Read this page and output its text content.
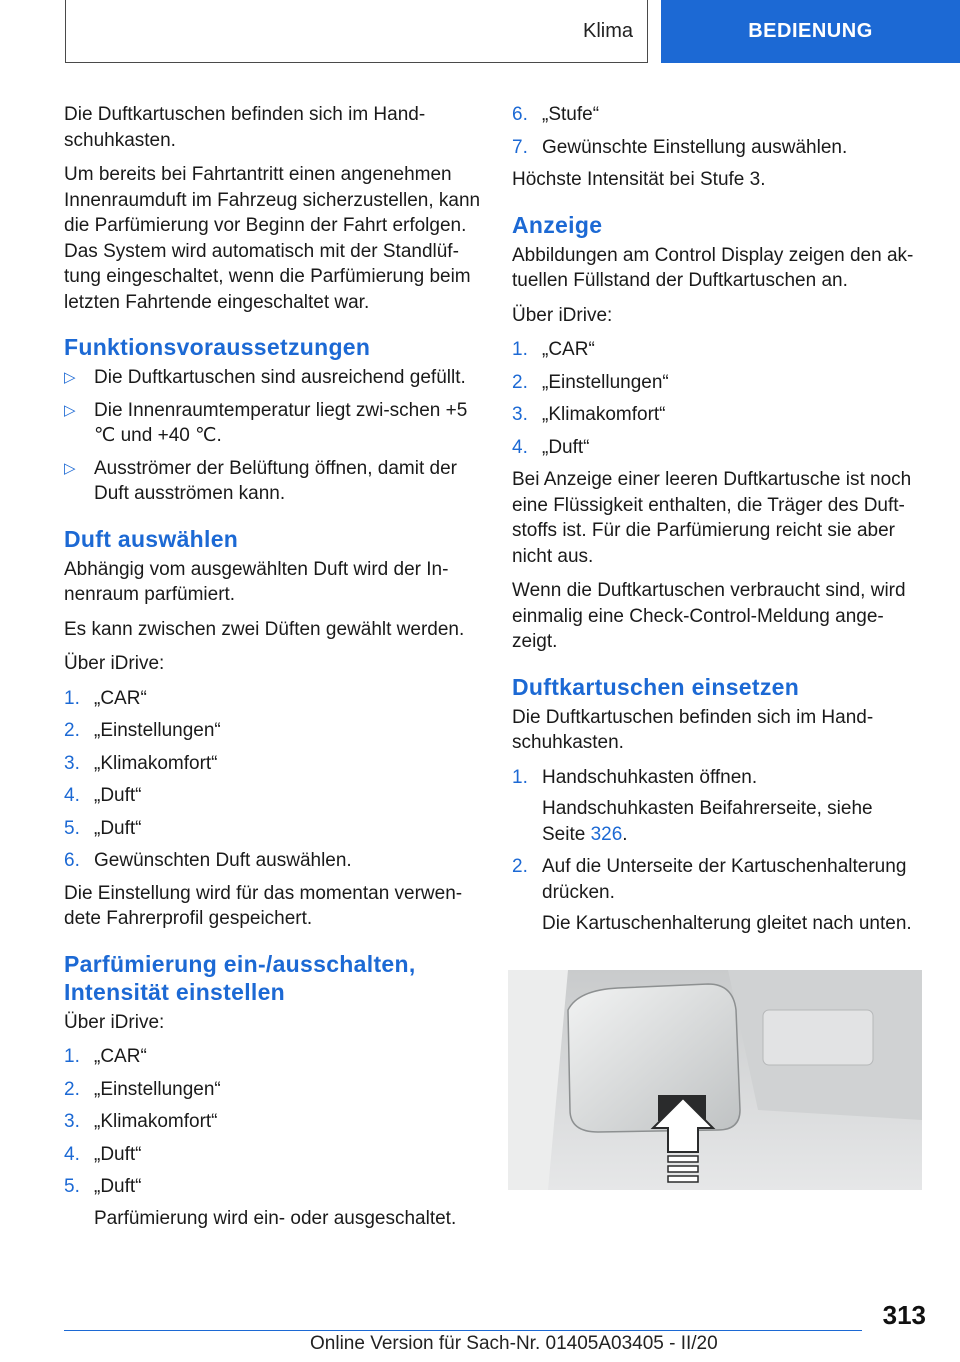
Klima	BEDIENUNG

Die Duftkartuschen befinden sich im Hand-schuhkasten.

Um bereits bei Fahrtantritt einen angenehmen Innenraumduft im Fahrzeug sicherzustellen, kann die Parfümierung vor Beginn der Fahrt erfolgen. Das System wird automatisch mit der Standlüf-tung eingeschaltet, wenn die Parfümierung beim letzten Fahrtende eingeschaltet war.

Funktionsvoraussetzungen
▷ Die Duftkartuschen sind ausreichend gefüllt.
▷ Die Innenraumtemperatur liegt zwi-schen +5 ℃ und +40 ℃.
▷ Ausströmer der Belüftung öffnen, damit der Duft ausströmen kann.
Duft auswählen

Abhängig vom ausgewählten Duft wird der In-nenraum parfümiert.

Es kann zwischen zwei Düften gewählt werden.

Über iDrive:

1. „CAR“
2. „Einstellungen“
3. „Klimakomfort“
4. „Duft“
5. „Duft“
6. Gewünschten Duft auswählen.

Die Einstellung wird für das momentan verwen-dete Fahrerprofil gespeichert.

Parfümierung ein-/ausschalten, Intensität einstellen

Über iDrive:

1. „CAR“
2. „Einstellungen“
3. „Klimakomfort“
4. „Duft“
5. „Duft“
Parfümierung wird ein- oder ausgeschaltet.
6. „Stufe“
7. Gewünschte Einstellung auswählen.

Höchste Intensität bei Stufe 3.

Anzeige

Abbildungen am Control Display zeigen den ak-tuellen Füllstand der Duftkartuschen an.

Über iDrive:

1. „CAR“
2. „Einstellungen“
3. „Klimakomfort“
4. „Duft“

Bei Anzeige einer leeren Duftkartusche ist noch eine Flüssigkeit enthalten, die Träger des Duft-stoffs ist. Für die Parfümierung reicht sie aber nicht aus.

Wenn die Duftkartuschen verbraucht sind, wird einmalig eine Check-Control-Meldung ange-zeigt.

Duftkartuschen einsetzen

Die Duftkartuschen befinden sich im Hand-schuhkasten.

1. Handschuhkasten öffnen.
Handschuhkasten Beifahrerseite, siehe Seite 326.
2. Auf die Unterseite der Kartuschenhalterung drücken.
Die Kartuschenhalterung gleitet nach unten.
313
Online Version für Sach-Nr. 01405A03405 - II/20
